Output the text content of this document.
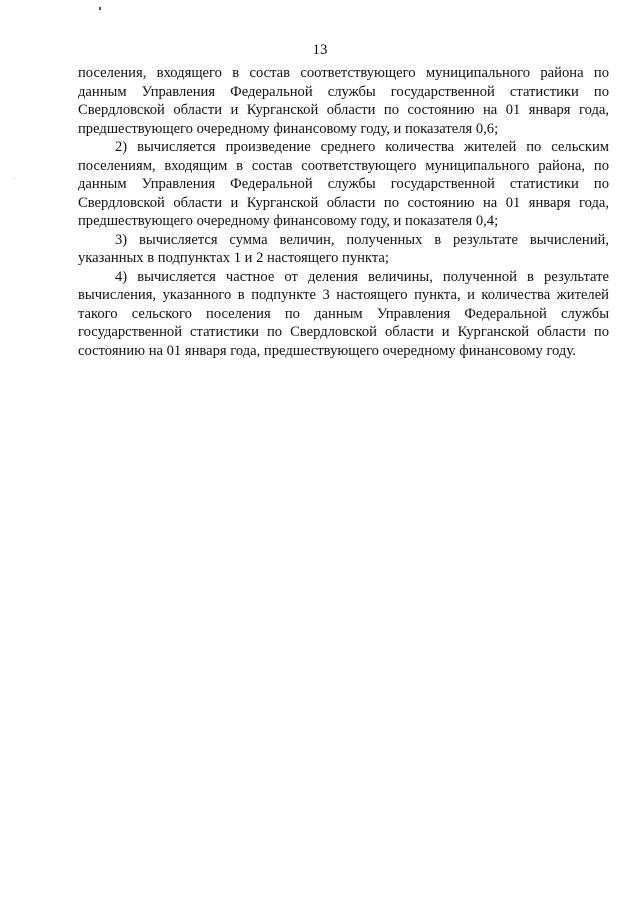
13

поселения, входящего в состав соответствующего муниципального района по данным Управления Федеральной службы государственной статистики по Свердловской области и Курганской области по состоянию на 01 января года, предшествующего очередному финансовому году, и показателя 0,6;

2) вычисляется произведение среднего количества жителей по сельским поселениям, входящим в состав соответствующего муниципального района, по данным Управления Федеральной службы государственной статистики по Свердловской области и Курганской области по состоянию на 01 января года, предшествующего очередному финансовому году, и показателя 0,4;

3) вычисляется сумма величин, полученных в результате вычислений, указанных в подпунктах 1 и 2 настоящего пункта;

4) вычисляется частное от деления величины, полученной в результате вычисления, указанного в подпункте 3 настоящего пункта, и количества жителей такого сельского поселения по данным Управления Федеральной службы государственной статистики по Свердловской области и Курганской области по состоянию на 01 января года, предшествующего очередному финансовому году.
